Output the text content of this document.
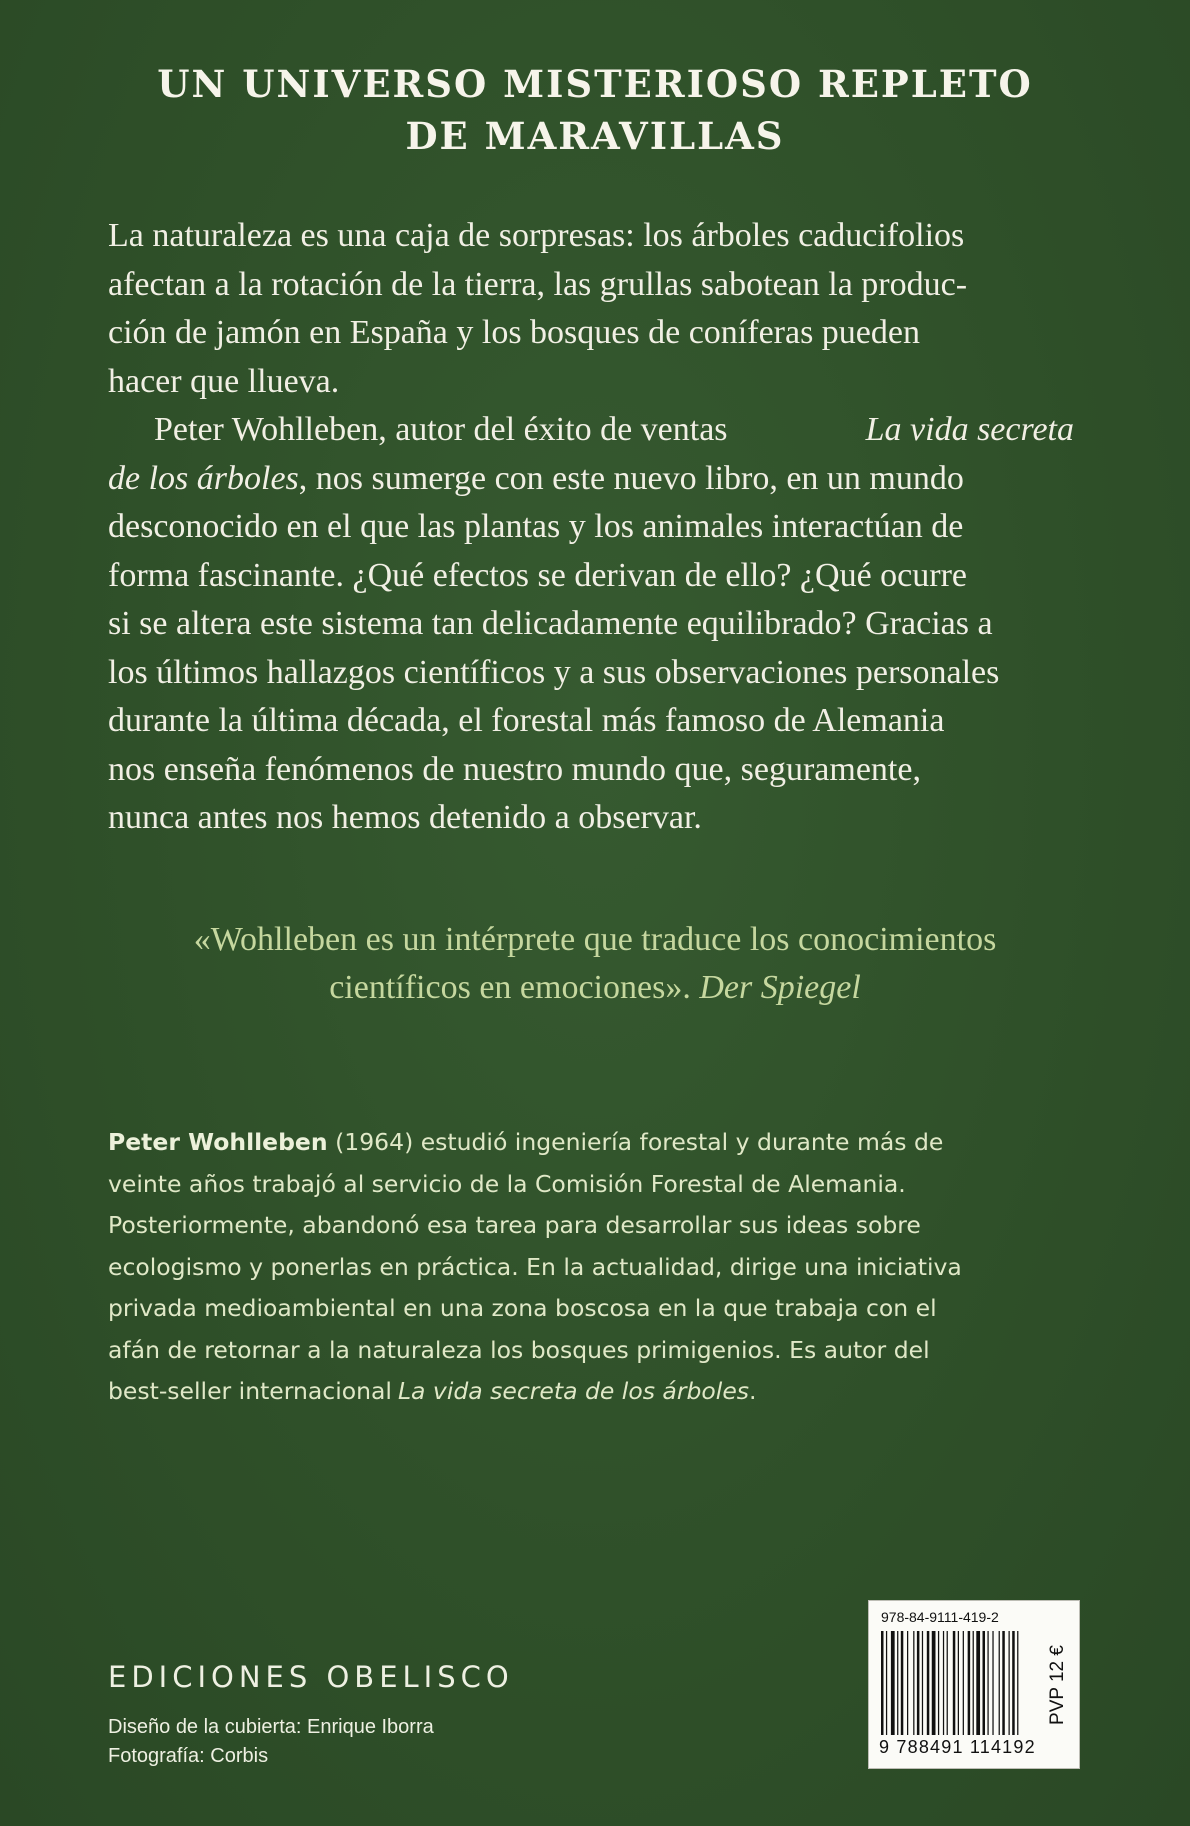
UN UNIVERSO MISTERIOSO REPLETO
DE MARAVILLAS
La naturaleza es una caja de sorpresas: los árboles caducifolios
afectan a la rotación de la tierra, las grullas sabotean la produc-
ción de jamón en España y los bosques de coníferas pueden
hacer que llueva.
Peter Wohlleben, autor del éxito de ventas	La vida secreta
de los árboles, nos sumerge con este nuevo libro, en un mundo
desconocido en el que las plantas y los animales interactúan de
forma fascinante. ¿Qué efectos se derivan de ello? ¿Qué ocurre
si se altera este sistema tan delicadamente equilibrado? Gracias a
los últimos hallazgos científicos y a sus observaciones personales
durante la última década, el forestal más famoso de Alemania
nos enseña fenómenos de nuestro mundo que, seguramente,
nunca antes nos hemos detenido a observar.
«Wohlleben es un intérprete que traduce los conocimientos
científicos en emociones». Der Spiegel
Peter Wohlleben (1964) estudió ingeniería forestal y durante más de
veinte años trabajó al servicio de la Comisión Forestal de Alemania.
Posteriormente, abandonó esa tarea para desarrollar sus ideas sobre
ecologismo y ponerlas en práctica. En la actualidad, dirige una iniciativa
privada medioambiental en una zona boscosa en la que trabaja con el
afán de retornar a la naturaleza los bosques primigenios. Es autor del
best-seller internacional La vida secreta de los árboles.
EDICIONES OBELISCO
Diseño de la cubierta: Enrique Iborra
Fotografía: Corbis
978-84-9111-419-2
9 788491 114192
PVP 12 €
